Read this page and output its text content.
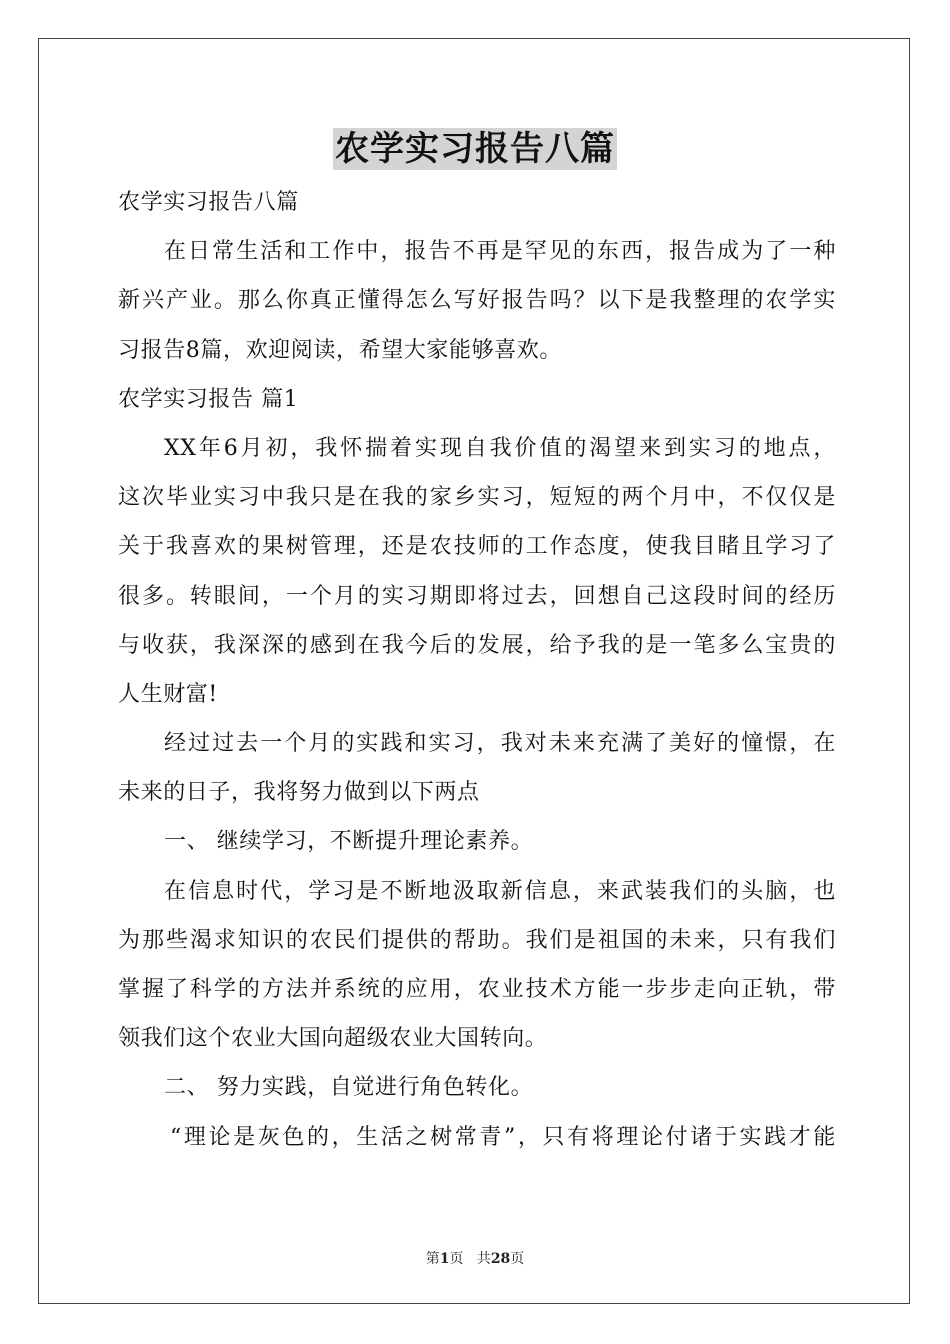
农学实习报告八篇

农学实习报告八篇

在日常生活和工作中，报告不再是罕见的东西，报告成为了一种

新兴产业。那么你真正懂得怎么写好报告吗？以下是我整理的农学实

习报告8篇，欢迎阅读，希望大家能够喜欢。

农学实习报告 篇1

XX年6月初，我怀揣着实现自我价值的渴望来到实习的地点，

这次毕业实习中我只是在我的家乡实习，短短的两个月中，不仅仅是

关于我喜欢的果树管理，还是农技师的工作态度，使我目睹且学习了

很多。转眼间，一个月的实习期即将过去，回想自己这段时间的经历

与收获，我深深的感到在我今后的发展，给予我的是一笔多么宝贵的

人生财富!

经过过去一个月的实践和实习，我对未来充满了美好的憧憬，在

未来的日子，我将努力做到以下两点

一、 继续学习，不断提升理论素养。

在信息时代，学习是不断地汲取新信息，来武装我们的头脑，也

为那些渴求知识的农民们提供的帮助。我们是祖国的未来，只有我们

掌握了科学的方法并系统的应用，农业技术方能一步步走向正轨，带

领我们这个农业大国向超级农业大国转向。

二、 努力实践，自觉进行角色转化。

“理论是灰色的，生活之树常青”，只有将理论付诸于实践才能

第1页 共28页
